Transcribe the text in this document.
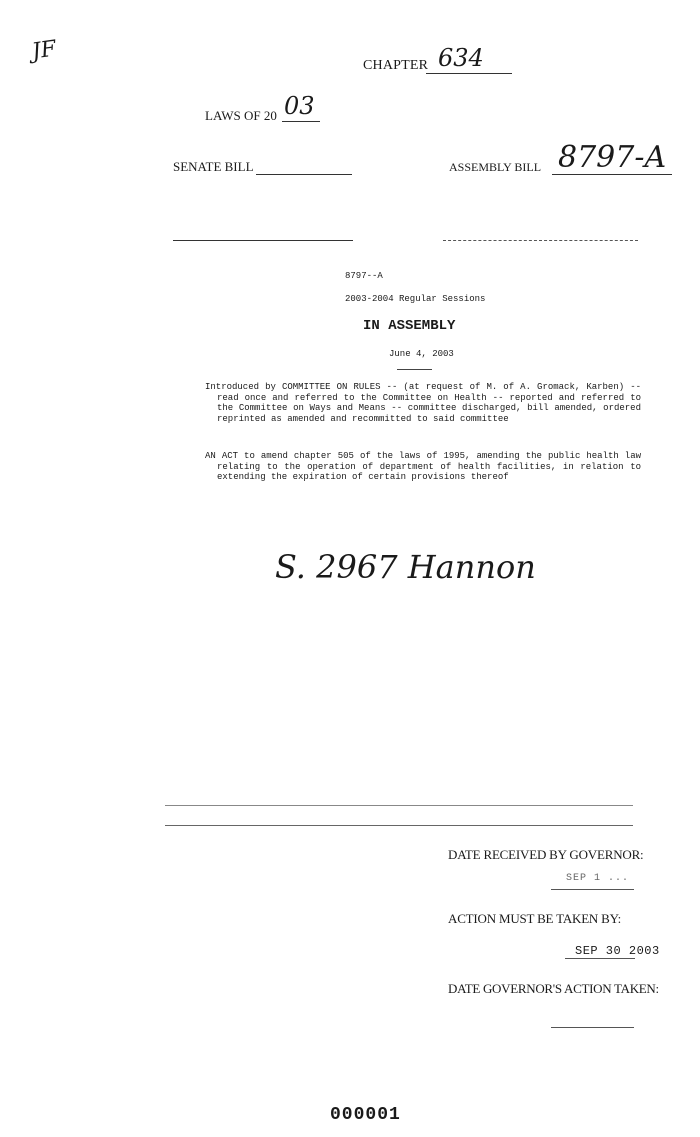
JF
CHAPTER 634
LAWS OF 20 03
SENATE BILL	ASSEMBLY BILL 8797-A
8797--A
2003-2004 Regular Sessions
IN ASSEMBLY
June 4, 2003
Introduced by COMMITTEE ON RULES -- (at request of M. of A. Gromack, Karben) -- read once and referred to the Committee on Health -- reported and referred to the Committee on Ways and Means -- committee discharged, bill amended, ordered reprinted as amended and recommitted to said committee
AN ACT to amend chapter 505 of the laws of 1995, amending the public health law relating to the operation of department of health facilities, in relation to extending the expiration of certain provisions thereof
S. 2967 Hannon
DATE RECEIVED BY GOVERNOR:
SEP 1 ...
ACTION MUST BE TAKEN BY:
SEP 30 2003
DATE GOVERNOR'S ACTION TAKEN:
000001
